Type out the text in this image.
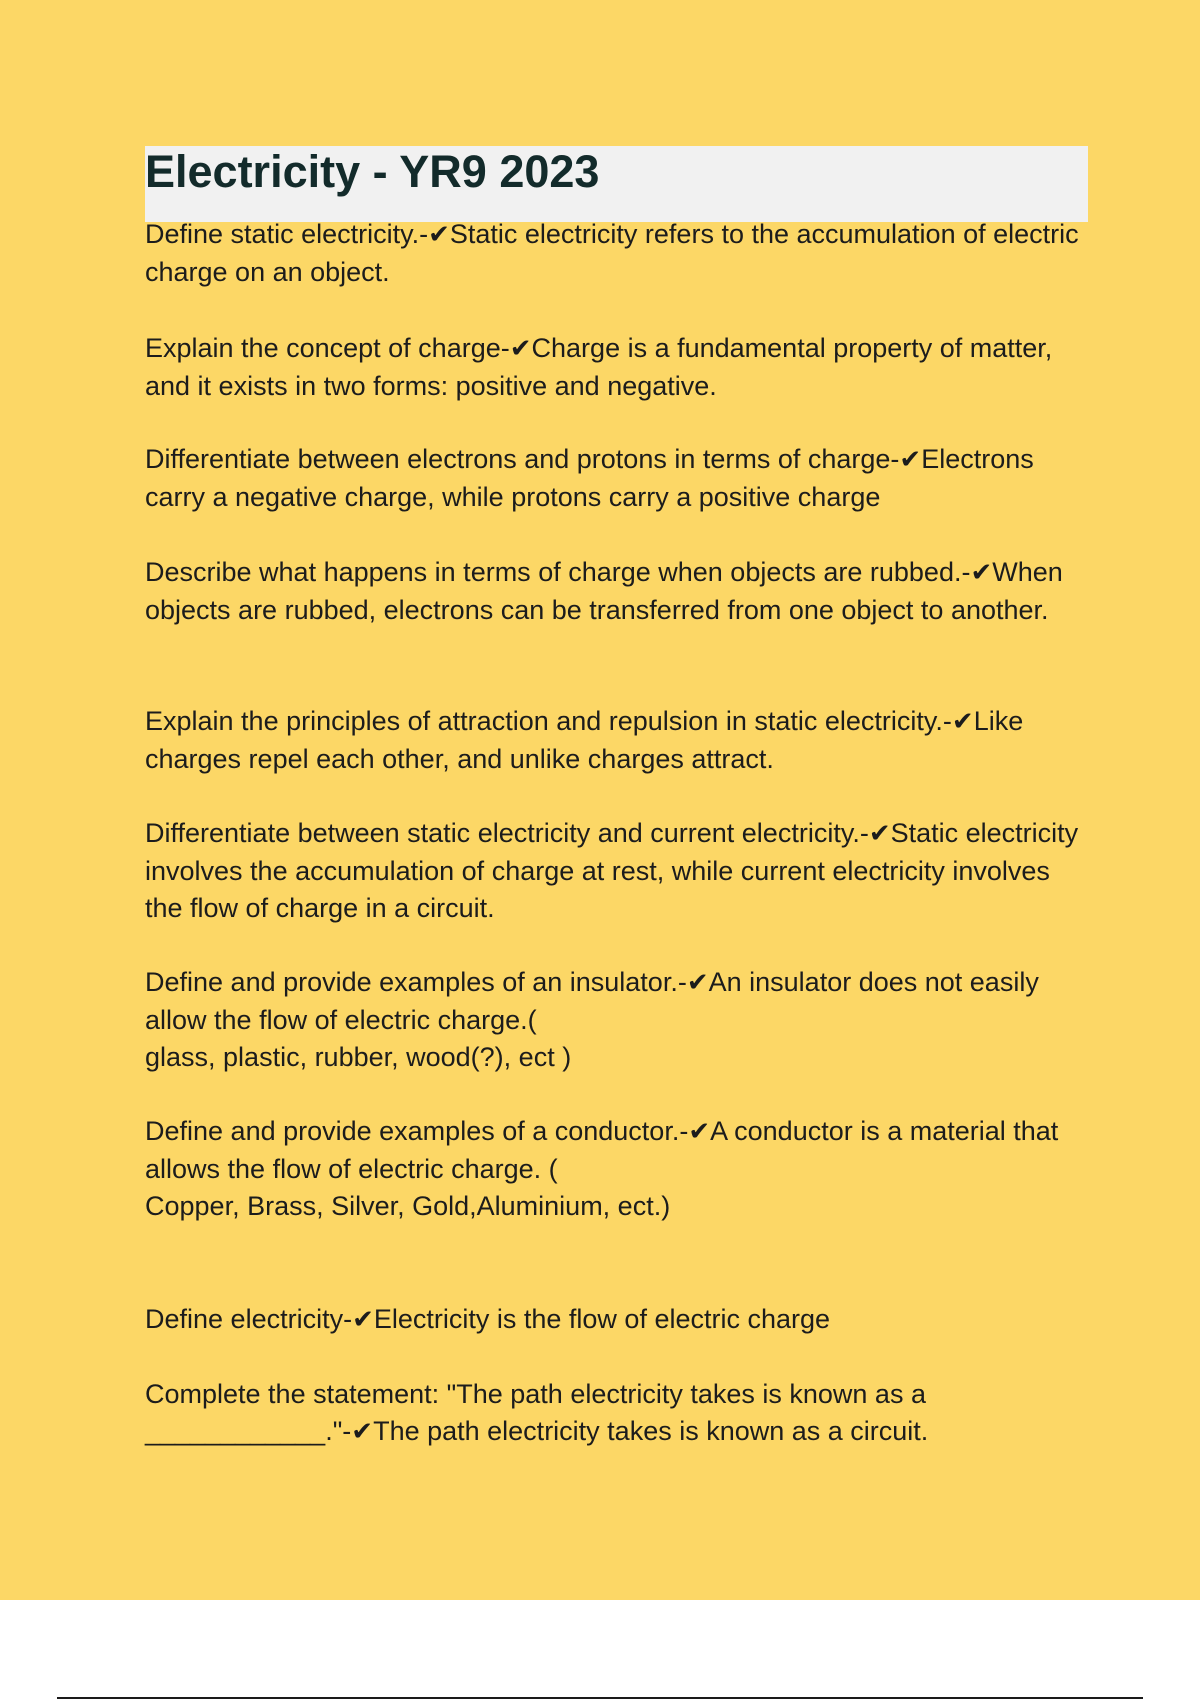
Electricity - YR9 2023

Define static electricity.-✔Static electricity refers to the accumulation of electric charge on an object.

Explain the concept of charge-✔Charge is a fundamental property of matter, and it exists in two forms: positive and negative.

Differentiate between electrons and protons in terms of charge-✔Electrons carry a negative charge, while protons carry a positive charge

Describe what happens in terms of charge when objects are rubbed.-✔When objects are rubbed, electrons can be transferred from one object to another.

Explain the principles of attraction and repulsion in static electricity.-✔Like charges repel each other, and unlike charges attract.

Differentiate between static electricity and current electricity.-✔Static electricity involves the accumulation of charge at rest, while current electricity involves the flow of charge in a circuit.

Define and provide examples of an insulator.-✔An insulator does not easily allow the flow of electric charge.(
glass, plastic, rubber, wood(?), ect )

Define and provide examples of a conductor.-✔A conductor is a material that allows the flow of electric charge. (
Copper, Brass, Silver, Gold,Aluminium, ect.)

Define electricity-✔Electricity is the flow of electric charge

Complete the statement: "The path electricity takes is known as a ____________."-✔The path electricity takes is known as a circuit.
